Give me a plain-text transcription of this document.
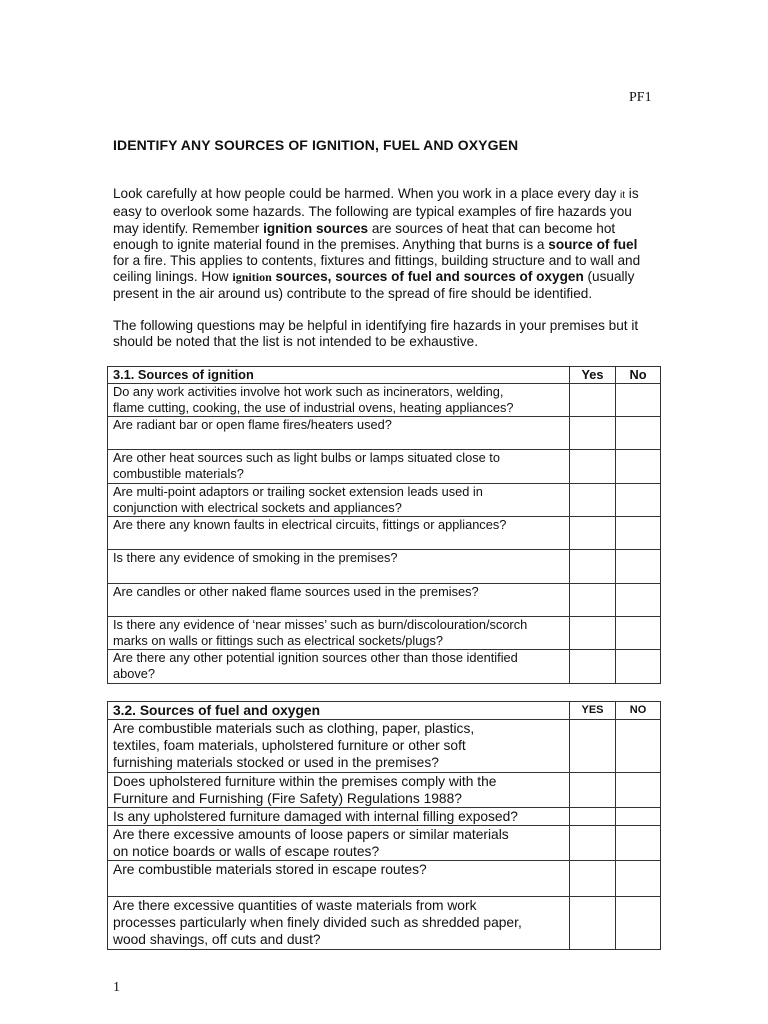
PF1
IDENTIFY ANY SOURCES OF IGNITION, FUEL AND OXYGEN
Look carefully at how people could be harmed. When you work in a place every day it is
easy to overlook some hazards. The following are typical examples of fire hazards you
may identify. Remember ignition sources are sources of heat that can become hot
enough to ignite material found in the premises. Anything that burns is a source of fuel
for a fire. This applies to contents, fixtures and fittings, building structure and to wall and
ceiling linings. How ignition sources, sources of fuel and sources of oxygen (usually
present in the air around us) contribute to the spread of fire should be identified.
The following questions may be helpful in identifying fire hazards in your premises but it
should be noted that the list is not intended to be exhaustive.
3.1. Sources of ignition	Yes	No

Do any work activities involve hot work such as incinerators, welding,
flame cutting, cooking, the use of industrial ovens, heating appliances?		

Are radiant bar or open flame fires/heaters used?		

Are other heat sources such as light bulbs or lamps situated close to
combustible materials?		

Are multi-point adaptors or trailing socket extension leads used in
conjunction with electrical sockets and appliances?		

Are there any known faults in electrical circuits, fittings or appliances?		

Is there any evidence of smoking in the premises?		

Are candles or other naked flame sources used in the premises?		

Is there any evidence of ‘near misses’ such as burn/discolouration/scorch
marks on walls or fittings such as electrical sockets/plugs?		

Are there any other potential ignition sources other than those identified
above?		

3.2. Sources of fuel and oxygen	YES	NO

Are combustible materials such as clothing, paper, plastics,
textiles, foam materials, upholstered furniture or other soft
furnishing materials stocked or used in the premises?		

Does upholstered furniture within the premises comply with the
Furniture and Furnishing (Fire Safety) Regulations 1988?		

Is any upholstered furniture damaged with internal filling exposed?		

Are there excessive amounts of loose papers or similar materials
on notice boards or walls of escape routes?		

Are combustible materials stored in escape routes?		

Are there excessive quantities of waste materials from work
processes particularly when finely divided such as shredded paper,
wood shavings, off cuts and dust?		

1
